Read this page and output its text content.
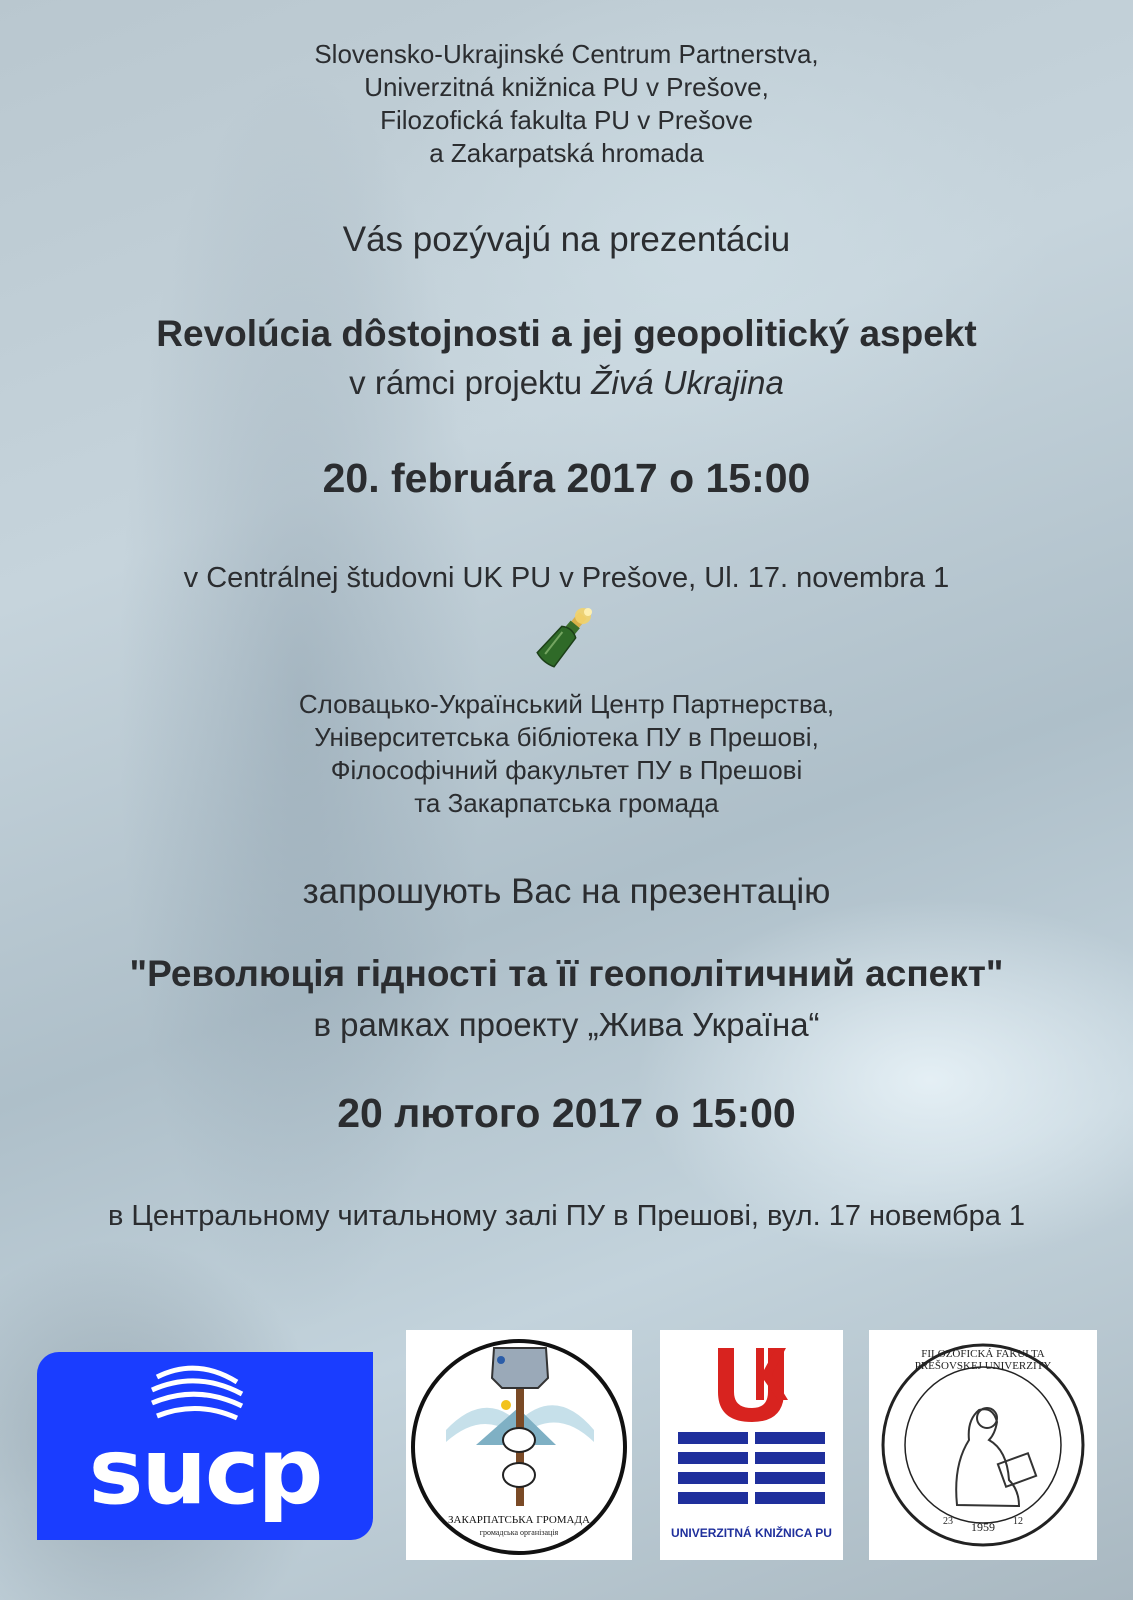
Slovensko-Ukrajinské Centrum Partnerstva,
Univerzitná knižnica PU v Prešove,
Filozofická fakulta PU v Prešove
a Zakarpatská hromada
Vás pozývajú na prezentáciu
Revolúcia dôstojnosti a jej geopolitický aspekt
v rámci projektu Živá Ukrajina
20. februára 2017 o 15:00
v Centrálnej študovni UK PU v Prešove, Ul. 17. novembra 1
Словацько-Український Центр Партнерства,
Університетська бібліотека ПУ в Прешові,
Філософічний факультет ПУ в Прешові
та Закарпатська громада
запрошують Вас на презентацію
"Революція гідності та її геополітичний аспект"
в рамках проекту „Жива Україна“
20 лютого 2017 о 15:00
в Центральному читальному залі ПУ в Прешові, вул. 17 новембра 1
sucp	ЗАКАРПАТСЬКА ГРОМАДА
громадська організація	UNIVERZITNÁ KNIŽNICA PU
FILOZOFICKÁ FAKULTA PREŠOVSKEJ UNIVERZITY
23	1959	12
